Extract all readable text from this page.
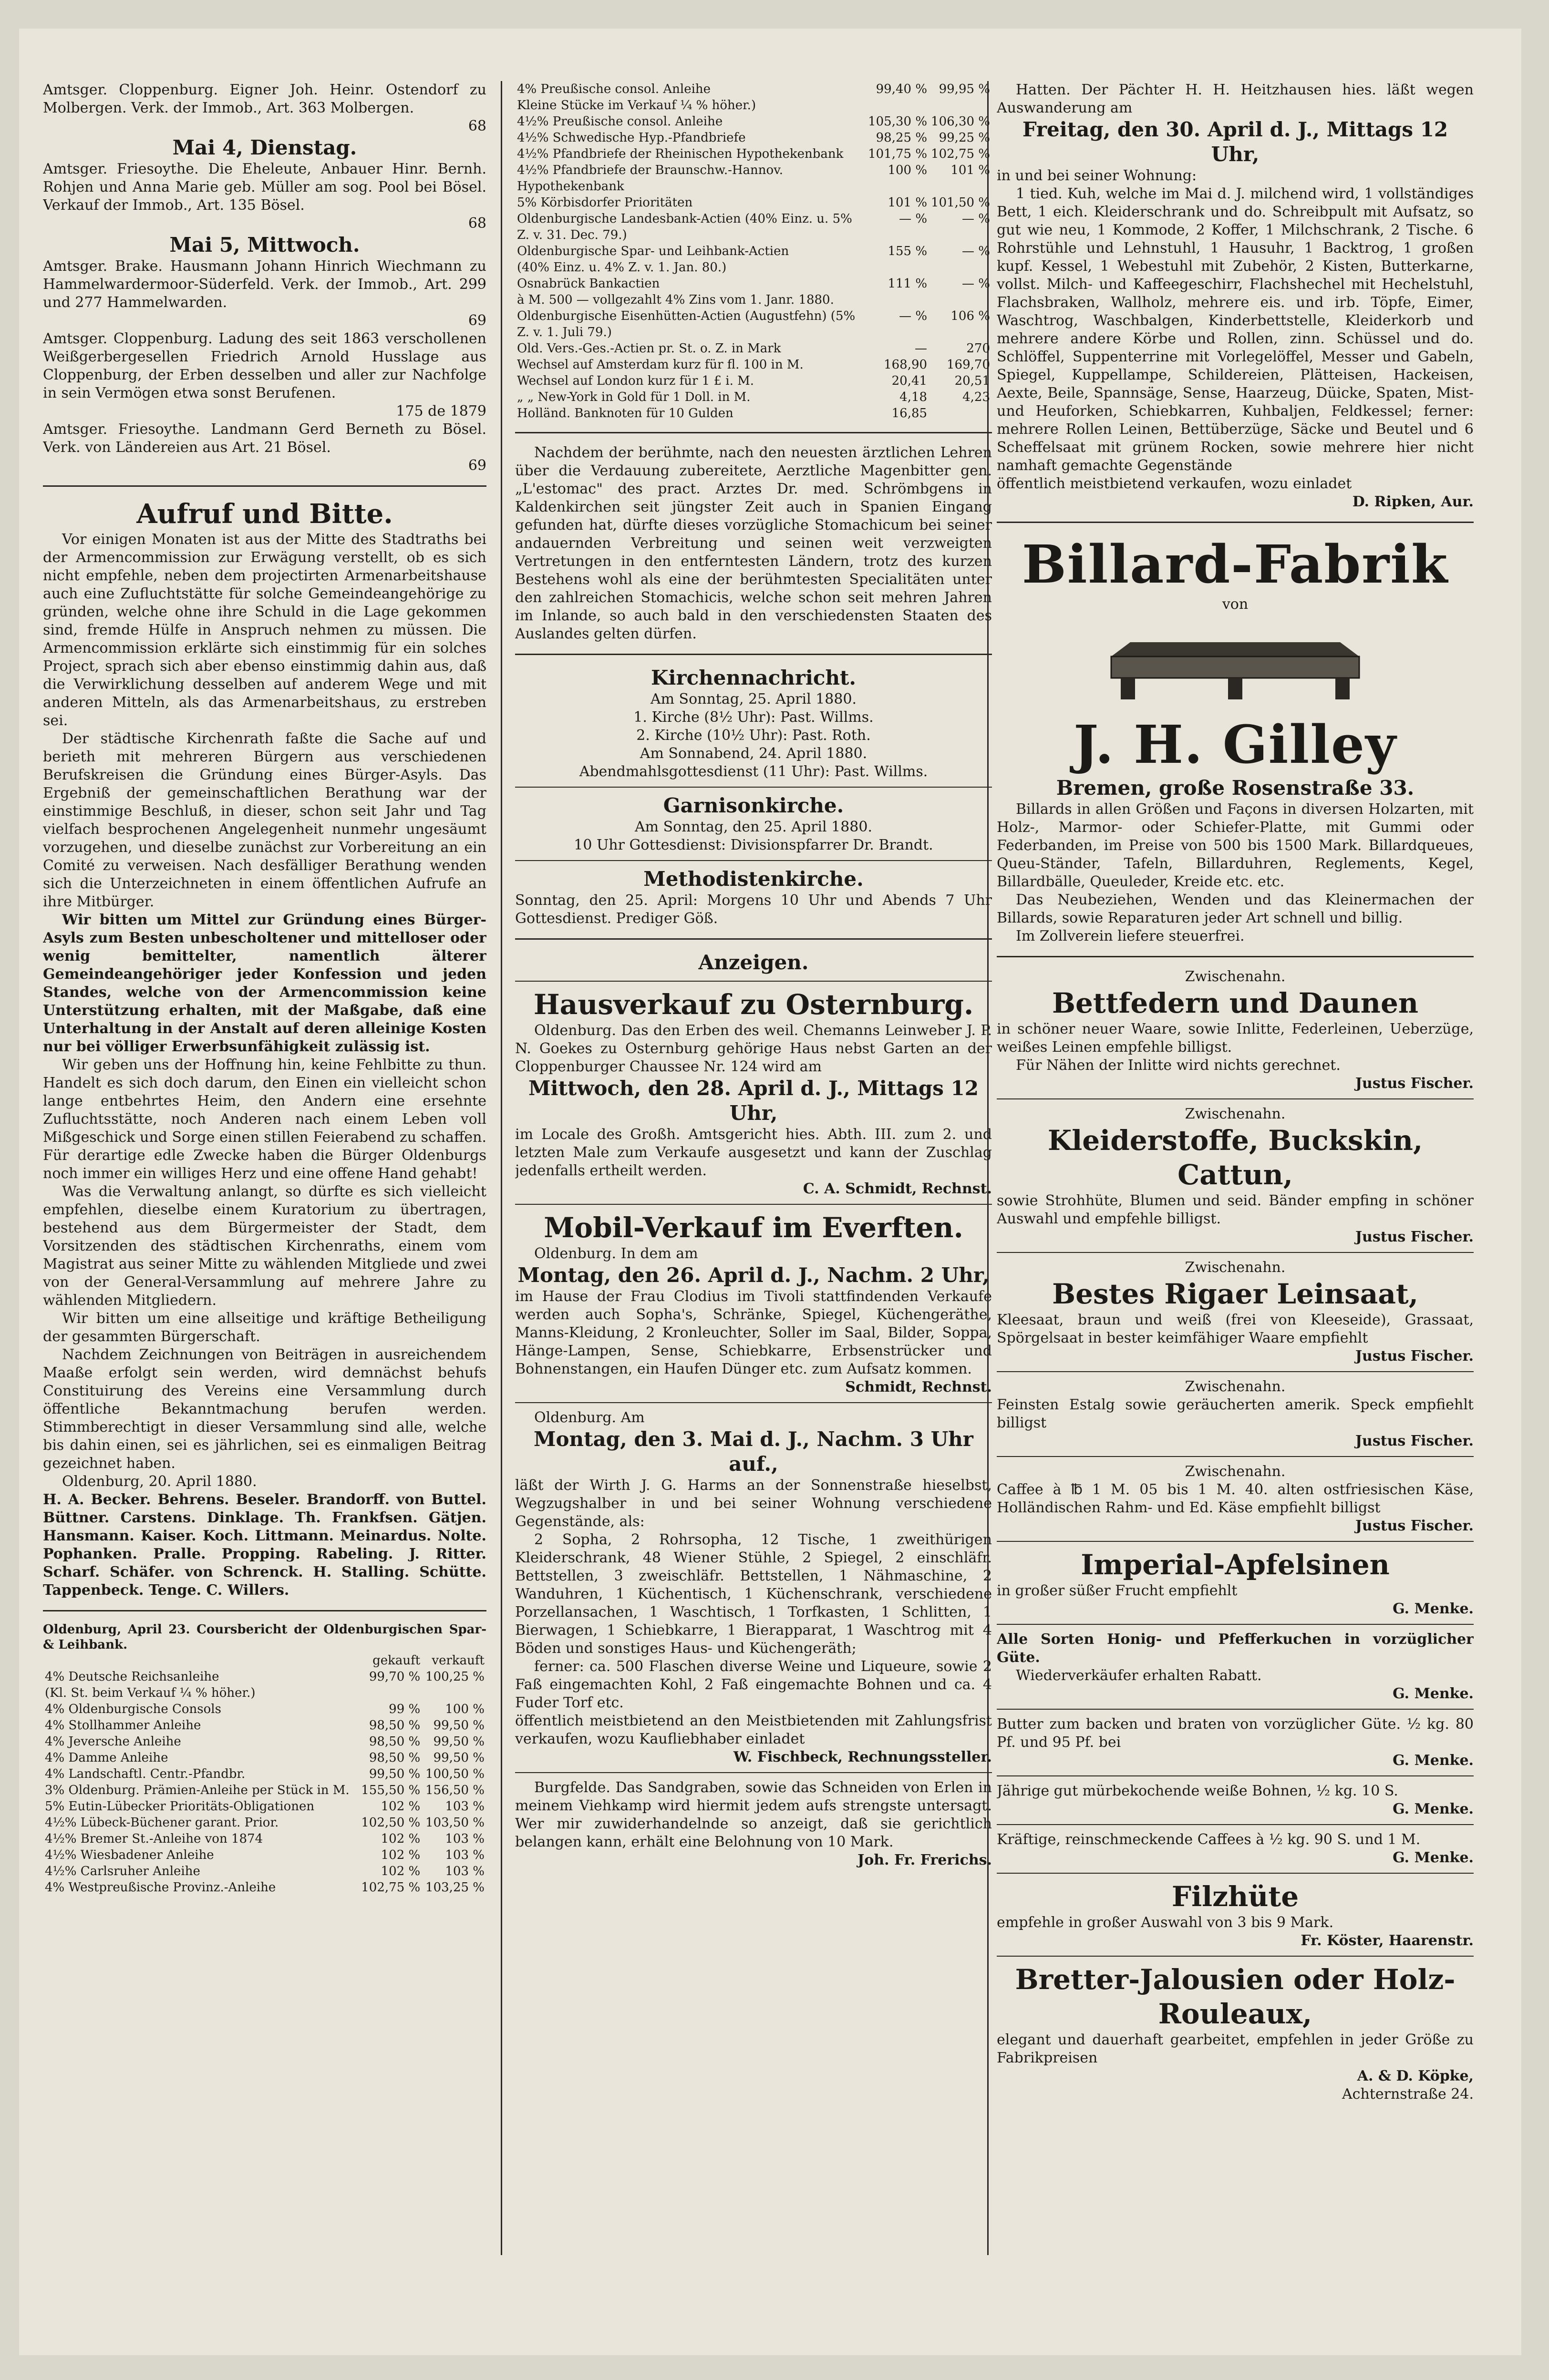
Amtsger. Cloppenburg. Eigner Joh. Heinr. Ostendorf zu Molbergen. Verk. der Immob., Art. 363 Molbergen.

68

Mai 4, Dienstag.

Amtsger. Friesoythe. Die Eheleute, Anbauer Hinr. Bernh. Rohjen und Anna Marie geb. Müller am sog. Pool bei Bösel. Verkauf der Immob., Art. 135 Bösel.

68

Mai 5, Mittwoch.

Amtsger. Brake. Hausmann Johann Hinrich Wiechmann zu Hammelwardermoor-Süderfeld. Verk. der Immob., Art. 299 und 277 Hammelwarden.

69

Amtsger. Cloppenburg. Ladung des seit 1863 verschollenen Weißgerbergesellen Friedrich Arnold Husslage aus Cloppenburg, der Erben desselben und aller zur Nachfolge in sein Vermögen etwa sonst Berufenen.

175 de 1879

Amtsger. Friesoythe. Landmann Gerd Berneth zu Bösel. Verk. von Ländereien aus Art. 21 Bösel.

69

Aufruf und Bitte.

Vor einigen Monaten ist aus der Mitte des Stadtraths bei der Armencommission zur Erwägung verstellt, ob es sich nicht empfehle, neben dem projectirten Armenarbeitshause auch eine Zufluchtstätte für solche Gemeindeangehörige zu gründen, welche ohne ihre Schuld in die Lage gekommen sind, fremde Hülfe in Anspruch nehmen zu müssen. Die Armencommission erklärte sich einstimmig für ein solches Project, sprach sich aber ebenso einstimmig dahin aus, daß die Verwirklichung desselben auf anderem Wege und mit anderen Mitteln, als das Armenarbeitshaus, zu erstreben sei.

Der städtische Kirchenrath faßte die Sache auf und berieth mit mehreren Bürgern aus verschiedenen Berufskreisen die Gründung eines Bürger-Asyls. Das Ergebniß der gemeinschaftlichen Berathung war der einstimmige Beschluß, in dieser, schon seit Jahr und Tag vielfach besprochenen Angelegenheit nunmehr ungesäumt vorzugehen, und dieselbe zunächst zur Vorbereitung an ein Comité zu verweisen. Nach desfälliger Berathung wenden sich die Unterzeichneten in einem öffentlichen Aufrufe an ihre Mitbürger.

Wir bitten um Mittel zur Gründung eines Bürger-Asyls zum Besten unbescholtener und mittelloser oder wenig bemittelter, namentlich älterer Gemeindeangehöriger jeder Konfession und jeden Standes, welche von der Armencommission keine Unterstützung erhalten, mit der Maßgabe, daß eine Unterhaltung in der Anstalt auf deren alleinige Kosten nur bei völliger Erwerbsunfähigkeit zulässig ist.

Wir geben uns der Hoffnung hin, keine Fehlbitte zu thun. Handelt es sich doch darum, den Einen ein vielleicht schon lange entbehrtes Heim, den Andern eine ersehnte Zufluchtsstätte, noch Anderen nach einem Leben voll Mißgeschick und Sorge einen stillen Feierabend zu schaffen. Für derartige edle Zwecke haben die Bürger Oldenburgs noch immer ein williges Herz und eine offene Hand gehabt!

Was die Verwaltung anlangt, so dürfte es sich vielleicht empfehlen, dieselbe einem Kuratorium zu übertragen, bestehend aus dem Bürgermeister der Stadt, dem Vorsitzenden des städtischen Kirchenraths, einem vom Magistrat aus seiner Mitte zu wählenden Mitgliede und zwei von der General-Versammlung auf mehrere Jahre zu wählenden Mitgliedern.

Wir bitten um eine allseitige und kräftige Betheiligung der gesammten Bürgerschaft.

Nachdem Zeichnungen von Beiträgen in ausreichendem Maaße erfolgt sein werden, wird demnächst behufs Constituirung des Vereins eine Versammlung durch öffentliche Bekanntmachung berufen werden. Stimmberechtigt in dieser Versammlung sind alle, welche bis dahin einen, sei es jährlichen, sei es einmaligen Beitrag gezeichnet haben.

Oldenburg, 20. April 1880.

H. A. Becker. Behrens. Beseler. Brandorff. von Buttel. Büttner. Carstens. Dinklage. Th. Frankfsen. Gätjen. Hansmann. Kaiser. Koch. Littmann. Meinardus. Nolte. Pophanken. Pralle. Propping. Rabeling. J. Ritter. Scharf. Schäfer. von Schrenck. H. Stalling. Schütte. Tappenbeck. Tenge. C. Willers.

Oldenburg, April 23. Coursbericht der Oldenburgischen Spar- & Leihbank.

	gekauft	verkauft
4% Deutsche Reichsanleihe	99,70 %	100,25 %
(Kl. St. beim Verkauf ¼ % höher.)		
4% Oldenburgische Consols	99 %	100 %
4% Stollhammer Anleihe	98,50 %	99,50 %
4% Jeversche Anleihe	98,50 %	99,50 %
4% Damme Anleihe	98,50 %	99,50 %
4% Landschaftl. Centr.-Pfandbr.	99,50 %	100,50 %
3% Oldenburg. Prämien-Anleihe per Stück in M.	155,50 %	156,50 %
5% Eutin-Lübecker Prioritäts-Obligationen	102 %	103 %
4½% Lübeck-Büchener garant. Prior.	102,50 %	103,50 %
4½% Bremer St.-Anleihe von 1874	102 %	103 %
4½% Wiesbadener Anleihe	102 %	103 %
4½% Carlsruher Anleihe	102 %	103 %
4% Westpreußische Provinz.-Anleihe	102,75 %	103,25 %
4% Preußische consol. Anleihe	99,40 %	99,95 %
Kleine Stücke im Verkauf ¼ % höher.)		
4½% Preußische consol. Anleihe	105,30 %	106,30 %
4½% Schwedische Hyp.-Pfandbriefe	98,25 %	99,25 %
4½% Pfandbriefe der Rheinischen Hypothekenbank	101,75 %	102,75 %
4½% Pfandbriefe der Braunschw.-Hannov. Hypothekenbank	100 %	101 %
5% Körbisdorfer Prioritäten	101 %	101,50 %
Oldenburgische Landesbank-Actien (40% Einz. u. 5% Z. v. 31. Dec. 79.)	— %	— %
Oldenburgische Spar- und Leihbank-Actien	155 %	— %
(40% Einz. u. 4% Z. v. 1. Jan. 80.)		
Osnabrück Bankactien	111 %	— %
à M. 500 — vollgezahlt 4% Zins vom 1. Janr. 1880.		
Oldenburgische Eisenhütten-Actien (Augustfehn) (5% Z. v. 1. Juli 79.)	— %	106 %
Old. Vers.-Ges.-Actien pr. St. o. Z. in Mark	—	270
Wechsel auf Amsterdam kurz für fl. 100 in M.	168,90	169,70
Wechsel auf London kurz für 1 £ i. M.	20,41	20,51
„ „ New-York in Gold für 1 Doll. in M.	4,18	4,23
Holländ. Banknoten für 10 Gulden	16,85	

Nachdem der berühmte, nach den neuesten ärztlichen Lehren über die Verdauung zubereitete, Aerztliche Magenbitter gen. „L'estomac" des pract. Arztes Dr. med. Schrömbgens in Kaldenkirchen seit jüngster Zeit auch in Spanien Eingang gefunden hat, dürfte dieses vorzügliche Stomachicum bei seiner andauernden Verbreitung und seinen weit verzweigten Vertretungen in den entferntesten Ländern, trotz des kurzen Bestehens wohl als eine der berühmtesten Specialitäten unter den zahlreichen Stomachicis, welche schon seit mehren Jahren im Inlande, so auch bald in den verschiedensten Staaten des Auslandes gelten dürfen.

Kirchennachricht.

Am Sonntag, 25. April 1880.

1. Kirche (8½ Uhr): Past. Willms.

2. Kirche (10½ Uhr): Past. Roth.

Am Sonnabend, 24. April 1880.

Abendmahlsgottesdienst (11 Uhr): Past. Willms.

Garnisonkirche.

Am Sonntag, den 25. April 1880.

10 Uhr Gottesdienst: Divisionspfarrer Dr. Brandt.

Methodistenkirche.

Sonntag, den 25. April: Morgens 10 Uhr und Abends 7 Uhr Gottesdienst. Prediger Göß.

Anzeigen.

Hausverkauf zu Osternburg.

Oldenburg. Das den Erben des weil. Chemanns Leinweber J. P. N. Goekes zu Osternburg gehörige Haus nebst Garten an der Cloppenburger Chaussee Nr. 124 wird am

Mittwoch, den 28. April d. J., Mittags 12 Uhr,

im Locale des Großh. Amtsgericht hies. Abth. III. zum 2. und letzten Male zum Verkaufe ausgesetzt und kann der Zuschlag jedenfalls ertheilt werden.

C. A. Schmidt, Rechnst.

Mobil-Verkauf im Everften.

Oldenburg. In dem am

Montag, den 26. April d. J., Nachm. 2 Uhr,

im Hause der Frau Clodius im Tivoli stattfindenden Verkaufe werden auch Sopha's, Schränke, Spiegel, Küchengeräthe, Manns-Kleidung, 2 Kronleuchter, Soller im Saal, Bilder, Soppa, Hänge-Lampen, Sense, Schiebkarre, Erbsenstrücker und Bohnenstangen, ein Haufen Dünger etc. zum Aufsatz kommen.

Schmidt, Rechnst.

Oldenburg. Am

Montag, den 3. Mai d. J., Nachm. 3 Uhr auf.,

läßt der Wirth J. G. Harms an der Sonnenstraße hieselbst, Wegzugshalber in und bei seiner Wohnung verschiedene Gegenstände, als:

2 Sopha, 2 Rohrsopha, 12 Tische, 1 zweithürigen Kleiderschrank, 48 Wiener Stühle, 2 Spiegel, 2 einschläfr. Bettstellen, 3 zweischläfr. Bettstellen, 1 Nähmaschine, 2 Wanduhren, 1 Küchentisch, 1 Küchenschrank, verschiedene Porzellansachen, 1 Waschtisch, 1 Torfkasten, 1 Schlitten, 1 Bierwagen, 1 Schiebkarre, 1 Bierapparat, 1 Waschtrog mit 4 Böden und sonstiges Haus- und Küchengeräth;

ferner: ca. 500 Flaschen diverse Weine und Liqueure, sowie 2 Faß eingemachten Kohl, 2 Faß eingemachte Bohnen und ca. 4 Fuder Torf etc.

öffentlich meistbietend an den Meistbietenden mit Zahlungsfrist verkaufen, wozu Kaufliebhaber einladet

W. Fischbeck, Rechnungssteller.

Burgfelde. Das Sandgraben, sowie das Schneiden von Erlen in meinem Viehkamp wird hiermit jedem aufs strengste untersagt. Wer mir zuwiderhandelnde so anzeigt, daß sie gerichtlich belangen kann, erhält eine Belohnung von 10 Mark.

Joh. Fr. Frerichs.

Hatten. Der Pächter H. H. Heitzhausen hies. läßt wegen Auswanderung am

Freitag, den 30. April d. J., Mittags 12 Uhr,

in und bei seiner Wohnung:

1 tied. Kuh, welche im Mai d. J. milchend wird, 1 vollständiges Bett, 1 eich. Kleiderschrank und do. Schreibpult mit Aufsatz, so gut wie neu, 1 Kommode, 2 Koffer, 1 Milchschrank, 2 Tische. 6 Rohrstühle und Lehnstuhl, 1 Hausuhr, 1 Backtrog, 1 großen kupf. Kessel, 1 Webestuhl mit Zubehör, 2 Kisten, Butterkarne, vollst. Milch- und Kaffeegeschirr, Flachshechel mit Hechelstuhl, Flachsbraken, Wallholz, mehrere eis. und irb. Töpfe, Eimer, Waschtrog, Waschbalgen, Kinderbettstelle, Kleiderkorb und mehrere andere Körbe und Rollen, zinn. Schüssel und do. Schlöffel, Suppenterrine mit Vorlegelöffel, Messer und Gabeln, Spiegel, Kuppellampe, Schildereien, Plätteisen, Hackeisen, Aexte, Beile, Spannsäge, Sense, Haarzeug, Düicke, Spaten, Mist- und Heuforken, Schiebkarren, Kuhbaljen, Feldkessel; ferner: mehrere Rollen Leinen, Bettüberzüge, Säcke und Beutel und 6 Scheffelsaat mit grünem Rocken, sowie mehrere hier nicht namhaft gemachte Gegenstände

öffentlich meistbietend verkaufen, wozu einladet

D. Ripken, Aur.

Billard-Fabrik

von

J. H. Gilley

Bremen, große Rosenstraße 33.

Billards in allen Größen und Façons in diversen Holzarten, mit Holz-, Marmor- oder Schiefer-Platte, mit Gummi oder Federbanden, im Preise von 500 bis 1500 Mark. Billardqueues, Queu-Ständer, Tafeln, Billarduhren, Reglements, Kegel, Billardbälle, Queuleder, Kreide etc. etc.

Das Neubeziehen, Wenden und das Kleinermachen der Billards, sowie Reparaturen jeder Art schnell und billig.

Im Zollverein liefere steuerfrei.

Zwischenahn.

Bettfedern und Daunen

in schöner neuer Waare, sowie Inlitte, Federleinen, Ueberzüge, weißes Leinen empfehle billigst.

Für Nähen der Inlitte wird nichts gerechnet.

Justus Fischer.

Zwischenahn.

Kleiderstoffe, Buckskin, Cattun,

sowie Strohhüte, Blumen und seid. Bänder empfing in schöner Auswahl und empfehle billigst.

Justus Fischer.

Zwischenahn.

Bestes Rigaer Leinsaat,

Kleesaat, braun und weiß (frei von Kleeseide), Grassaat, Spörgelsaat in bester keimfähiger Waare empfiehlt

Justus Fischer.

Zwischenahn.

Feinsten Estalg sowie geräucherten amerik. Speck empfiehlt billigst

Justus Fischer.

Zwischenahn.

Caffee à ℔ 1 M. 05 bis 1 M. 40. alten ostfriesischen Käse, Holländischen Rahm- und Ed. Käse empfiehlt billigst

Justus Fischer.

Imperial-Apfelsinen

in großer süßer Frucht empfiehlt

G. Menke.

Alle Sorten Honig- und Pfefferkuchen in vorzüglicher Güte.

Wiederverkäufer erhalten Rabatt.

G. Menke.

Butter zum backen und braten von vorzüglicher Güte. ½ kg. 80 Pf. und 95 Pf. bei

G. Menke.

Jährige gut mürbekochende weiße Bohnen, ½ kg. 10 S.

G. Menke.

Kräftige, reinschmeckende Caffees à ½ kg. 90 S. und 1 M.

G. Menke.

Filzhüte

empfehle in großer Auswahl von 3 bis 9 Mark.

Fr. Köster, Haarenstr.

Bretter-Jalousien oder Holz-Rouleaux,

elegant und dauerhaft gearbeitet, empfehlen in jeder Größe zu Fabrikpreisen

A. & D. Köpke,

Achternstraße 24.
